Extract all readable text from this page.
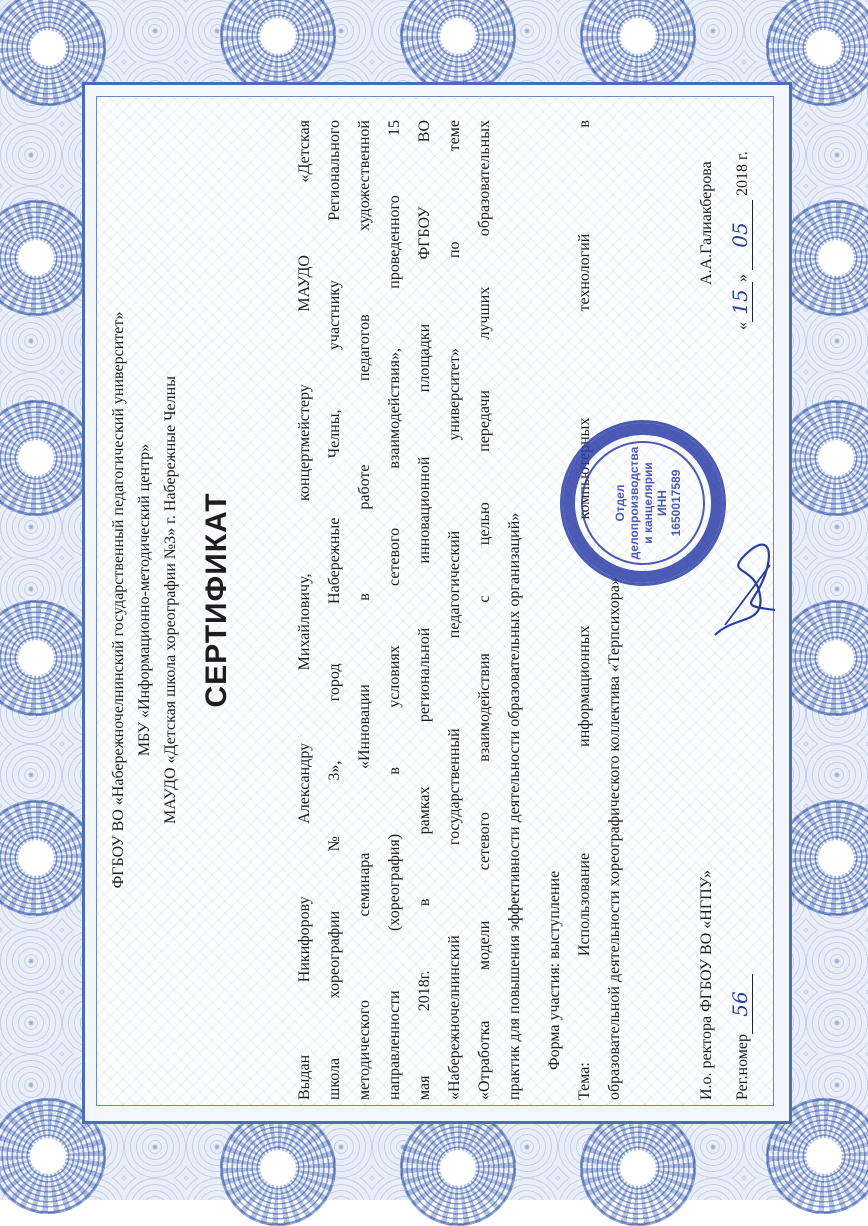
ФГБОУ ВО «Набережночелнинский государственный педагогический университет» МБУ «Информационно-методический центр» МАУДО «Детская школа хореографии №3» г. Набережные Челны СЕРТИФИКАТ	Выдан Никифорову Александру Михайловичу, концертмейстеру МАУДО «Детская школа хореографии №3», город Набережные Челны, участнику Регионального методического семинара «Инновации в работе педагогов художественной направленности (хореография) в условиях сетевого взаимодействия», проведенного 15 мая 2018г. в рамках региональной инновационной площадки ФГБОУ ВО «Набережночелнинский государственный педагогический университет» по теме «Отработка модели сетевого взаимодействия с целью передачи лучших образовательных практик для повышения эффективности деятельности образовательных организаций» Форма участия: выступление Тема: Использование информационных компьютерных технологий в образовательной деятельности хореографического коллектива «Терпсихора»	И.о. ректора ФГБОУ ВО «НГПУ»
А.А.Галиакберова
Рег.номер56
«15» 05 2018 г.
Отдел делопроизводства и канцелярии ИНН 1650017589
